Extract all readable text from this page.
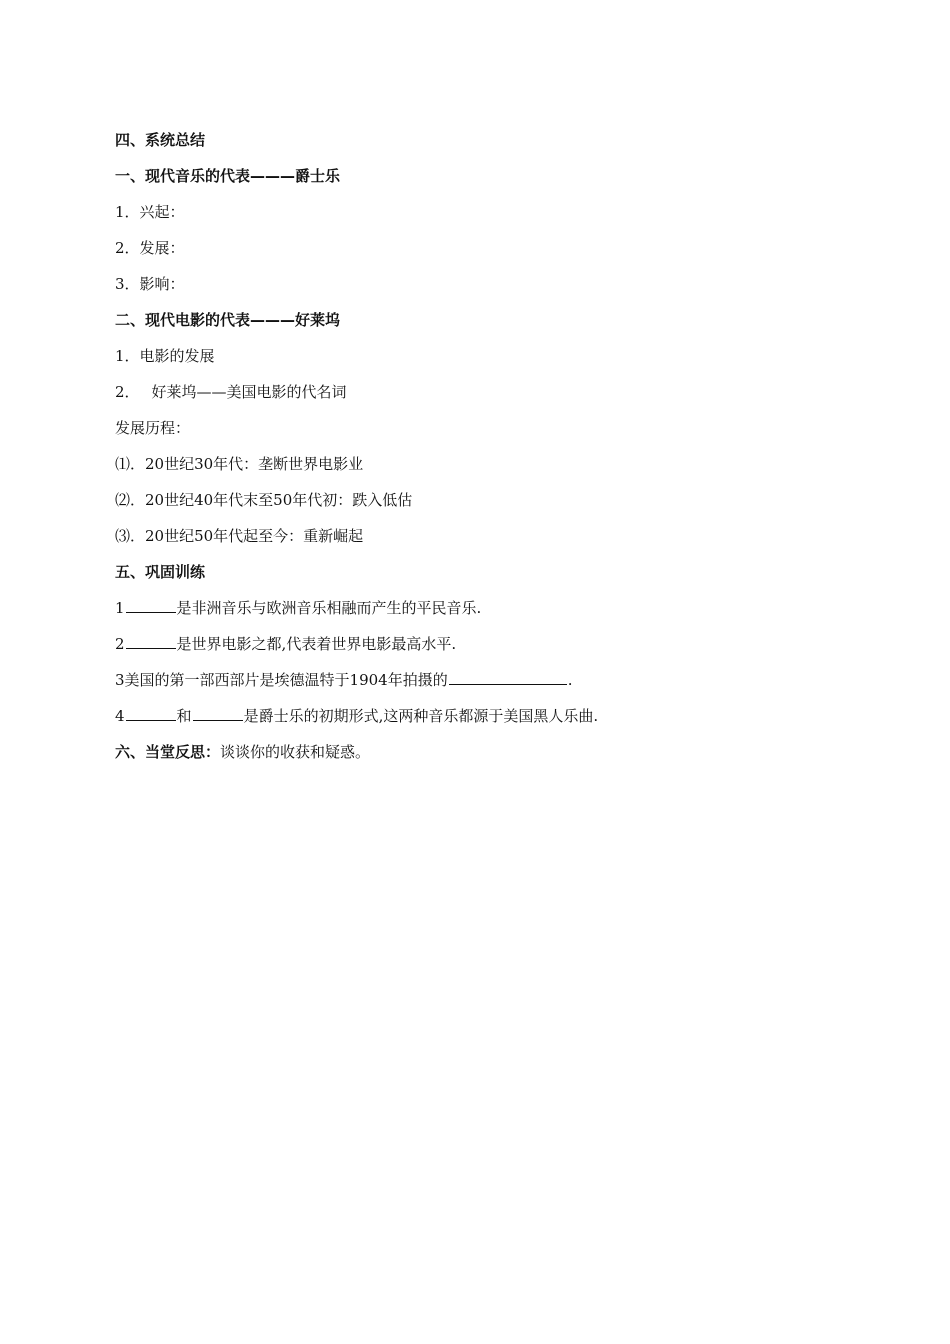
四、系统总结
一、现代音乐的代表———爵士乐
1．兴起：
2．发展：
3．影响：
二、现代电影的代表———好莱坞
1．电影的发展
2． 好莱坞——美国电影的代名词
发展历程：
⑴．20世纪30年代：垄断世界电影业
⑵．20世纪40年代末至50年代初：跌入低估
⑶．20世纪50年代起至今：重新崛起
五、巩固训练
1	是非洲音乐与欧洲音乐相融而产生的平民音乐.
2	是世界电影之都,代表着世界电影最高水平.
3美国的第一部西部片是埃德温特于1904年拍摄的	.
4	和	是爵士乐的初期形式,这两种音乐都源于美国黑人乐曲.
六、当堂反思：谈谈你的收获和疑惑。
